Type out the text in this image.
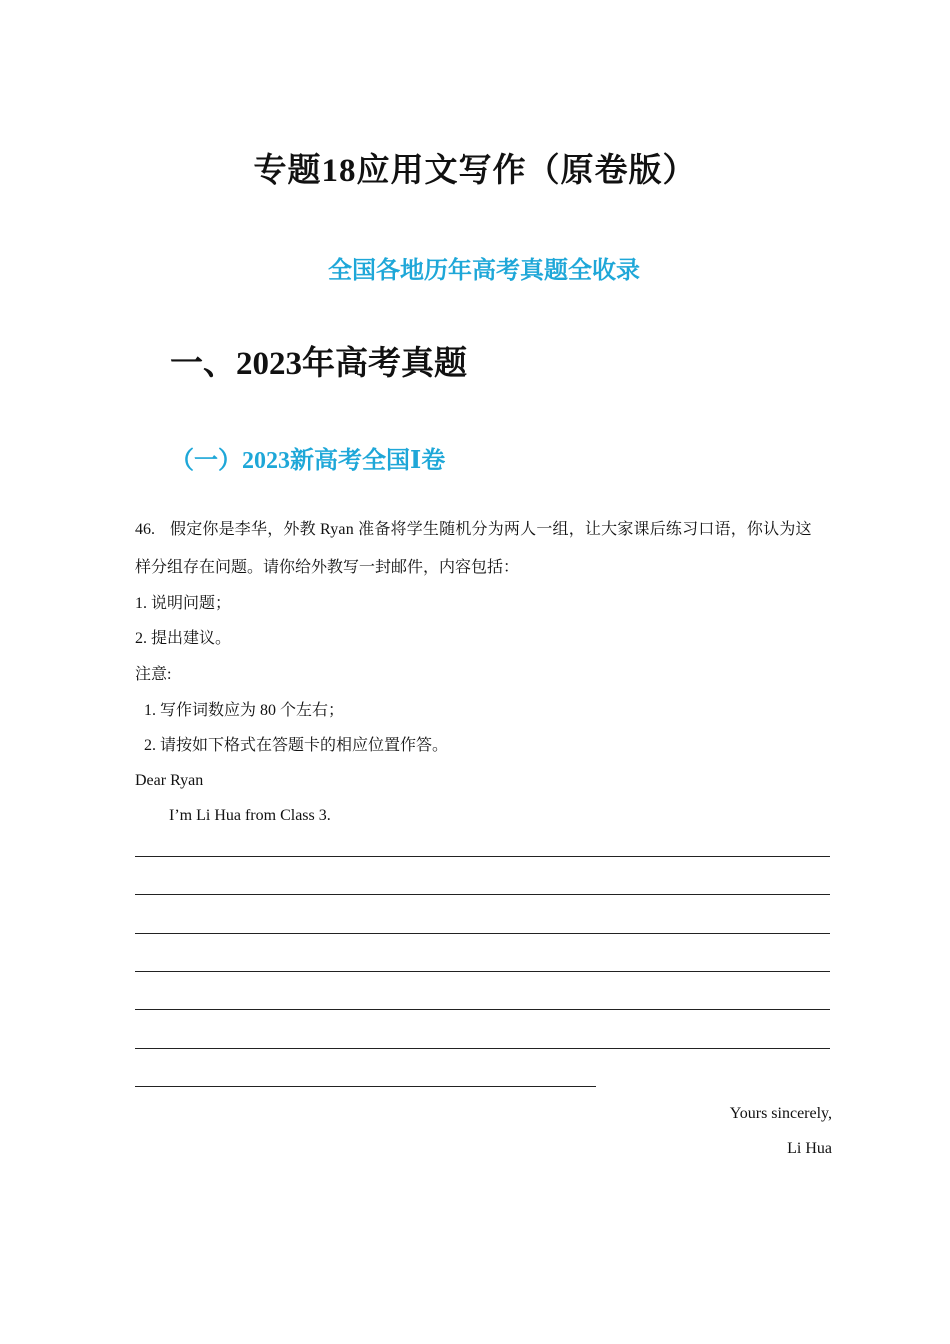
专题18应用文写作（原卷版）
全国各地历年高考真题全收录
一、2023年高考真题
（一）2023新高考全国Ⅰ卷
46. 假定你是李华，外教 Ryan 准备将学生随机分为两人一组，让大家课后练习口语，你认为这
样分组存在问题。请你给外教写一封邮件，内容包括：
1. 说明问题；
2. 提出建议。
注意:
1. 写作词数应为 80 个左右；
2. 请按如下格式在答题卡的相应位置作答。
Dear Ryan
I’m Li Hua from Class 3.
Yours sincerely,
Li Hua
